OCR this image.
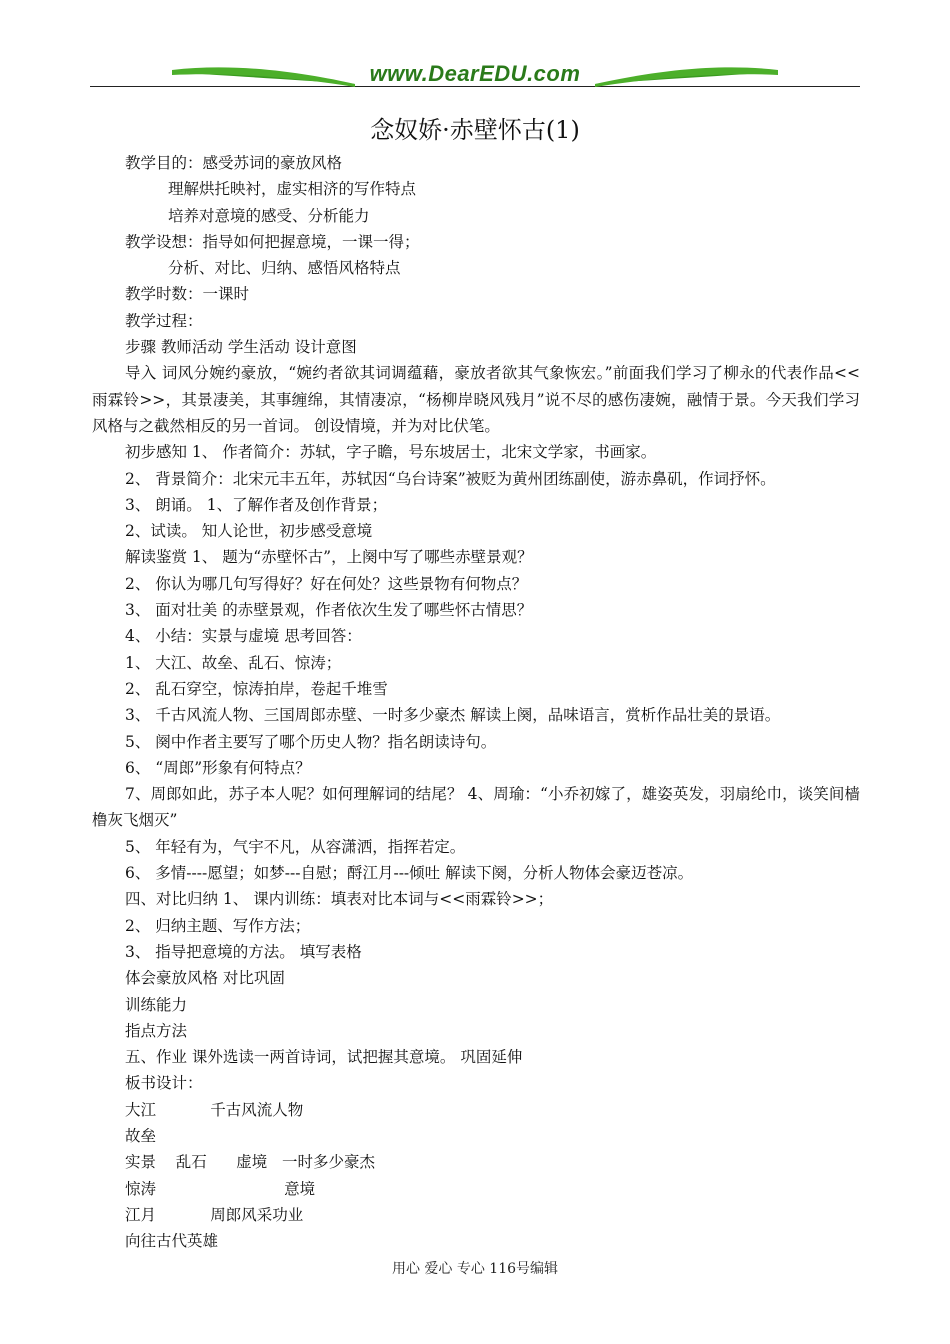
www.DearEDU.com
念奴娇·赤壁怀古(1)
教学目的：感受苏词的豪放风格
理解烘托映衬，虚实相济的写作特点
培养对意境的感受、分析能力
教学设想：指导如何把握意境，一课一得；
分析、对比、归纳、感悟风格特点
教学时数：一课时
教学过程：
步骤 教师活动 学生活动 设计意图
导入 词风分婉约豪放，“婉约者欲其词调蕴藉，豪放者欲其气象恢宏。”前面我们学习了柳永的代表作品<<雨霖铃>>，其景凄美，其事缠绵，其情凄凉，“杨柳岸晓风残月”说不尽的感伤凄婉，融情于景。今天我们学习风格与之截然相反的另一首词。 创设情境，并为对比伏笔。
初步感知 1、 作者简介：苏轼，字子瞻，号东坡居士，北宋文学家，书画家。
2、 背景简介：北宋元丰五年，苏轼因“乌台诗案”被贬为黄州团练副使，游赤鼻矶，作词抒怀。
3、 朗诵。 1、了解作者及创作背景；
2、试读。 知人论世，初步感受意境
解读鉴赏 1、 题为“赤壁怀古”，上阕中写了哪些赤壁景观？
2、 你认为哪几句写得好？好在何处？这些景物有何物点？
3、 面对壮美 的赤壁景观，作者依次生发了哪些怀古情思？
4、 小结：实景与虚境 思考回答：
1、 大江、故垒、乱石、惊涛；
2、 乱石穿空，惊涛拍岸，卷起千堆雪
3、 千古风流人物、三国周郎赤壁、一时多少豪杰 解读上阕，品味语言，赏析作品壮美的景语。
5、 阕中作者主要写了哪个历史人物？指名朗读诗句。
6、 “周郎”形象有何特点？
7、周郎如此，苏子本人呢？如何理解词的结尾？ 4、周瑜：“小乔初嫁了，雄姿英发，羽扇纶巾，谈笑间樯橹灰飞烟灭”
5、 年轻有为，气宇不凡，从容潇洒，指挥若定。
6、 多情----愿望；如梦---自慰；酹江月---倾吐 解读下阕，分析人物体会豪迈苍凉。
四、对比归纳 1、 课内训练：填表对比本词与<<雨霖铃>>；
2、 归纳主题、写作方法；
3、 指导把意境的方法。 填写表格
体会豪放风格 对比巩固
训练能力
指点方法
五、作业 课外选读一两首诗词，试把握其意境。 巩固延伸
板书设计：
大江           千古风流人物
故垒
实景    乱石      虚境   一时多少豪杰
惊涛                          意境
江月           周郎风采功业
向往古代英雄
用心 爱心 专心 116号编辑
